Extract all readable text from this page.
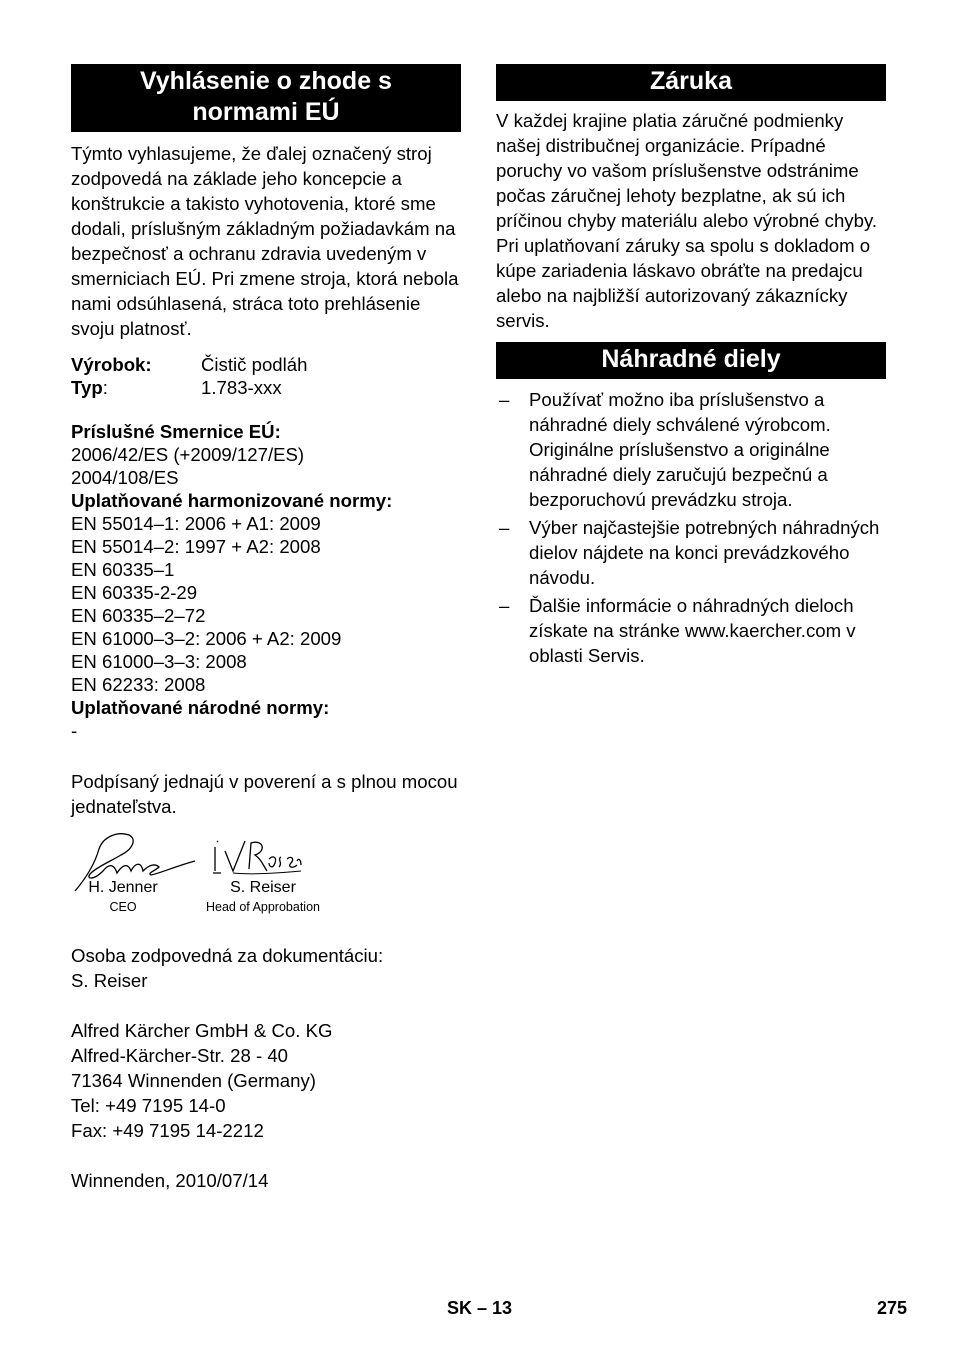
Vyhlásenie o zhode s
normami EÚ

Týmto vyhlasujeme, že ďalej označený stroj zodpovedá na základe jeho koncepcie a konštrukcie a takisto vyhotovenia, ktoré sme dodali, príslušným základným požiadavkám na bezpečnosť a ochranu zdravia uvedeným v smerniciach EÚ. Pri zmene stroja, ktorá nebola nami odsúhlasená, stráca toto prehlásenie svoju platnosť.

Výrobok:	Čistič podláh
Typ:	1.783-xxx
Príslušné Smernice EÚ:
2006/42/ES (+2009/127/ES)
2004/108/ES
Uplatňované harmonizované normy:
EN 55014–1: 2006 + A1: 2009
EN 55014–2: 1997 + A2: 2008
EN 60335–1
EN 60335-2-29
EN 60335–2–72
EN 61000–3–2: 2006 + A2: 2009
EN 61000–3–3: 2008
EN 62233: 2008
Uplatňované národné normy:
-

Podpísaný jednajú v poverení a s plnou mocou jednateľstva.

H. Jenner
CEO
S. Reiser
Head of Approbation
Osoba zodpovedná za dokumentáciu:
S. Reiser
Alfred Kärcher GmbH & Co. KG
Alfred-Kärcher-Str. 28 - 40
71364 Winnenden (Germany)
Tel: +49 7195 14-0
Fax: +49 7195 14-2212
Winnenden, 2010/07/14
Záruka

V každej krajine platia záručné podmienky našej distribučnej organizácie. Prípadné poruchy vo vašom príslušenstve odstránime počas záručnej lehoty bezplatne, ak sú ich príčinou chyby materiálu alebo výrobné chyby. Pri uplatňovaní záruky sa spolu s dokladom o kúpe zariadenia láskavo obráťte na predajcu alebo na najbližší autorizovaný zákaznícky servis.

Náhradné diely
–	Používať možno iba príslušenstvo a náhradné diely schválené výrobcom. Originálne príslušenstvo a originálne náhradné diely zaručujú bezpečnú a bezporuchovú prevádzku stroja.
–	Výber najčastejšie potrebných náhradných dielov nájdete na konci prevádzkového návodu.
–	Ďalšie informácie o náhradných dieloch získate na stránke www.kaercher.com v oblasti Servis.
SK – 13	275
